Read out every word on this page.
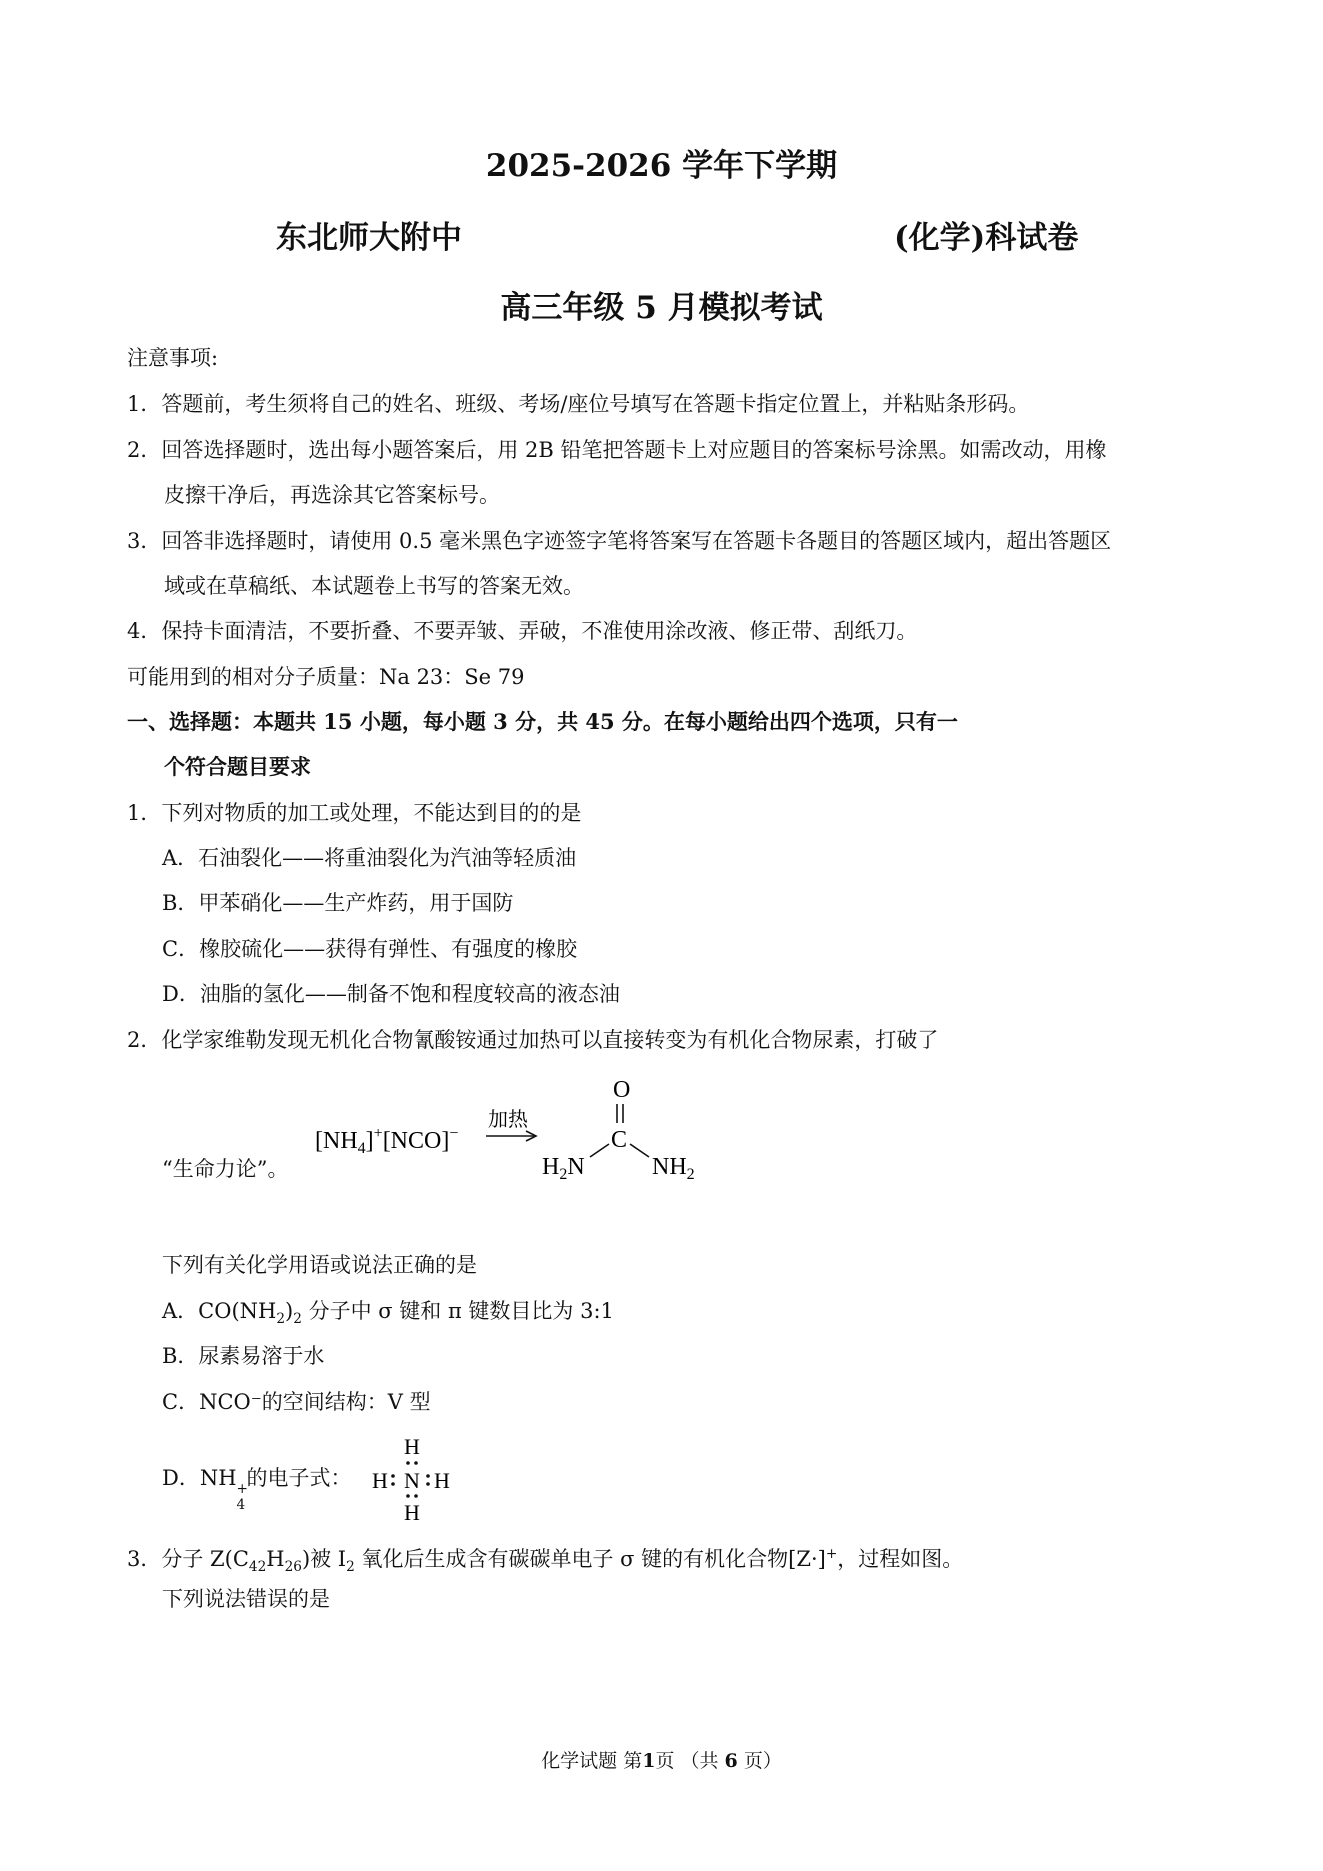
2025-2026 学年下学期
东北师大附中	(化学)科试卷
高三年级 5 月模拟考试
注意事项:
1．答题前，考生须将自己的姓名、班级、考场/座位号填写在答题卡指定位置上，并粘贴条形码。
2．回答选择题时，选出每小题答案后，用 2B 铅笔把答题卡上对应题目的答案标号涂黑。如需改动，用橡
皮擦干净后，再选涂其它答案标号。
3．回答非选择题时，请使用 0.5 毫米黑色字迹签字笔将答案写在答题卡各题目的答题区域内，超出答题区
域或在草稿纸、本试题卷上书写的答案无效。
4．保持卡面清洁，不要折叠、不要弄皱、弄破，不准使用涂改液、修正带、刮纸刀。
可能用到的相对分子质量：Na 23：Se 79
一、选择题：本题共 15 小题，每小题 3 分，共 45 分。在每小题给出四个选项，只有一
个符合题目要求
1．下列对物质的加工或处理，不能达到目的的是
A．石油裂化——将重油裂化为汽油等轻质油
B．甲苯硝化——生产炸药，用于国防
C．橡胶硫化——获得有弹性、有强度的橡胶
D．油脂的氢化——制备不饱和程度较高的液态油
2．化学家维勒发现无机化合物氰酸铵通过加热可以直接转变为有机化合物尿素，打破了
“生命力论”。
$[NH_4]^+[NCO]^-$
加热
O
C
$H_2N$	$NH_2$
下列有关化学用语或说法正确的是
A．$CO(NH_2)_2$ 分子中 σ 键和 π 键数目比为 3:1
B．尿素易溶于水
C．NCO⁻的空间结构：V 型
D．NH +
4
的电子式：
H
H N H
H
3．分子 $Z(C_{42}H_{26})$被 $I_2$ 氧化后生成含有碳碳单电子 σ 键的有机化合物[Z·]+，过程如图。
下列说法错误的是
化学试题 第1页 （共 6 页）
